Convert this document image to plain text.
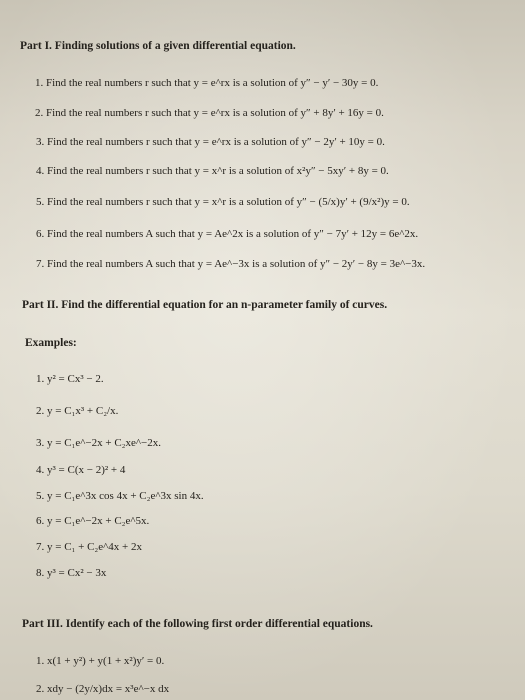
Part I. Finding solutions of a given differential equation.
1. Find the real numbers r such that y = e^rx is a solution of y″ − y′ − 30y = 0.
2. Find the real numbers r such that y = e^rx is a solution of y″ + 8y′ + 16y = 0.
3. Find the real numbers r such that y = e^rx is a solution of y″ − 2y′ + 10y = 0.
4. Find the real numbers r such that y = x^r is a solution of x²y″ − 5xy′ + 8y = 0.
5. Find the real numbers r such that y = x^r is a solution of y″ − (5/x)y′ + (9/x²)y = 0.
6. Find the real numbers A such that y = Ae^2x is a solution of y″ − 7y′ + 12y = 6e^2x.
7. Find the real numbers A such that y = Ae^−3x is a solution of y″ − 2y′ − 8y = 3e^−3x.
Part II. Find the differential equation for an n-parameter family of curves.
Examples:
1. y² = Cx³ − 2.
2. y = C₁x³ + C₂/x.
3. y = C₁e^−2x + C₂xe^−2x.
4. y³ = C(x − 2)² + 4
5. y = C₁e^3x cos 4x + C₂e^3x sin 4x.
6. y = C₁e^−2x + C₂e^5x.
7. y = C₁ + C₂e^4x + 2x
8. y³ = Cx² − 3x
Part III. Identify each of the following first order differential equations.
1. x(1 + y²) + y(1 + x²)y′ = 0.
2. xdy − (2y/x)dx = x³e^−x dx
